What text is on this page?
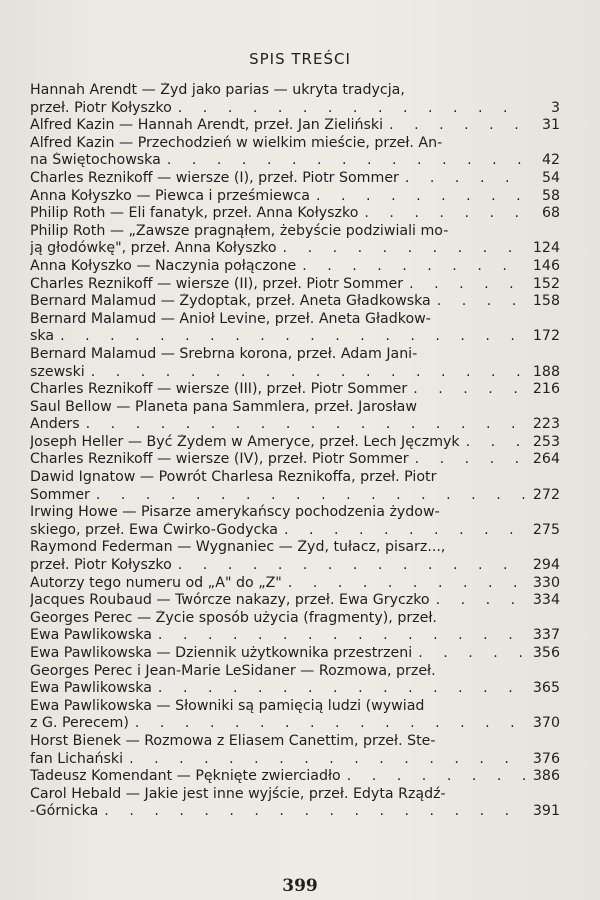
SPIS TREŚCI
Hannah Arendt — Żyd jako parias — ukryta tradycja,
przeł. Piotr Kołyszko . . .	3
Alfred Kazin — Hannah Arendt, przeł. Jan Zieliński . . .	31
Alfred Kazin — Przechodzień w wielkim mieście, przeł. An-
na Świętochowska . . .	42
Charles Reznikoff — wiersze (I), przeł. Piotr Sommer . . .	54
Anna Kołyszko — Piewca i prześmiewca . . .	58
Philip Roth — Eli fanatyk, przeł. Anna Kołyszko . . .	68
Philip Roth — „Zawsze pragnąłem, żebyście podziwiali mo-
ją głodówkę", przeł. Anna Kołyszko . . .	124
Anna Kołyszko — Naczynia połączone . . .	146
Charles Reznikoff — wiersze (II), przeł. Piotr Sommer . . .	152
Bernard Malamud — Żydoptak, przeł. Aneta Gładkowska . . .	158
Bernard Malamud — Anioł Levine, przeł. Aneta Gładkow-
ska . . .	172
Bernard Malamud — Srebrna korona, przeł. Adam Jani-
szewski . . .	188
Charles Reznikoff — wiersze (III), przeł. Piotr Sommer . . .	216
Saul Bellow — Planeta pana Sammlera, przeł. Jarosław
Anders . . .	223
Joseph Heller — Być Żydem w Ameryce, przeł. Lech Jęczmyk . . .	253
Charles Reznikoff — wiersze (IV), przeł. Piotr Sommer . . .	264
Dawid Ignatow — Powrót Charlesa Reznikoffa, przeł. Piotr
Sommer . . .	272
Irwing Howe — Pisarze amerykańscy pochodzenia żydow-
skiego, przeł. Ewa Ćwirko-Godycka . . .	275
Raymond Federman — Wygnaniec — Żyd, tułacz, pisarz...,
przeł. Piotr Kołyszko . . .	294
Autorzy tego numeru od „A" do „Z" . . .	330
Jacques Roubaud — Twórcze nakazy, przeł. Ewa Gryczko . . .	334
Georges Perec — Życie sposób użycia (fragmenty), przeł.
Ewa Pawlikowska . . .	337
Ewa Pawlikowska — Dziennik użytkownika przestrzeni . . .	356
Georges Perec i Jean-Marie LeSidaner — Rozmowa, przeł.
Ewa Pawlikowska . . .	365
Ewa Pawlikowska — Słowniki są pamięcią ludzi (wywiad
z G. Perecem) . . .	370
Horst Bienek — Rozmowa z Eliasem Canettim, przeł. Ste-
fan Lichański . . .	376
Tadeusz Komendant — Pęknięte zwierciadło . . .	386
Carol Hebald — Jakie jest inne wyjście, przeł. Edyta Rządź-
-Górnicka . . .	391
399
